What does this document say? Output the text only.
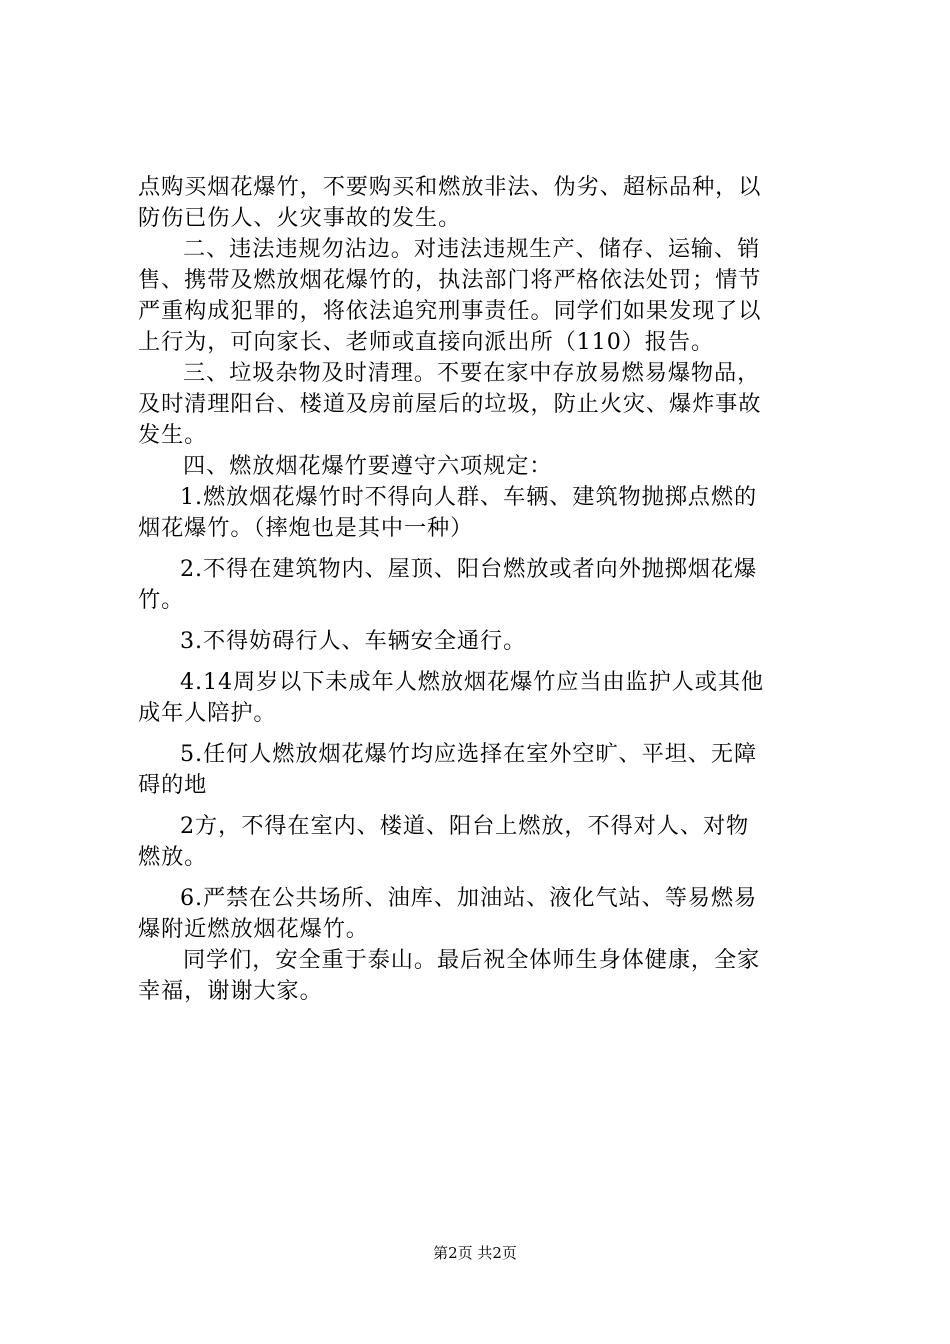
点购买烟花爆竹，不要购买和燃放非法、伪劣、超标品种，以
防伤已伤人、火灾事故的发生。
二、违法违规勿沾边。对违法违规生产、储存、运输、销
售、携带及燃放烟花爆竹的，执法部门将严格依法处罚；情节
严重构成犯罪的，将依法追究刑事责任。同学们如果发现了以
上行为，可向家长、老师或直接向派出所（110）报告。
三、垃圾杂物及时清理。不要在家中存放易燃易爆物品，
及时清理阳台、楼道及房前屋后的垃圾，防止火灾、爆炸事故
发生。
四、燃放烟花爆竹要遵守六项规定：
1.燃放烟花爆竹时不得向人群、车辆、建筑物抛掷点燃的
烟花爆竹。（摔炮也是其中一种）
2.不得在建筑物内、屋顶、阳台燃放或者向外抛掷烟花爆
竹。
3.不得妨碍行人、车辆安全通行。
4.14周岁以下未成年人燃放烟花爆竹应当由监护人或其他
成年人陪护。
5.任何人燃放烟花爆竹均应选择在室外空旷、平坦、无障
碍的地
2方，不得在室内、楼道、阳台上燃放，不得对人、对物
燃放。
6.严禁在公共场所、油库、加油站、液化气站、等易燃易
爆附近燃放烟花爆竹。
同学们，安全重于泰山。最后祝全体师生身体健康，全家
幸福，谢谢大家。
第2页 共2页
